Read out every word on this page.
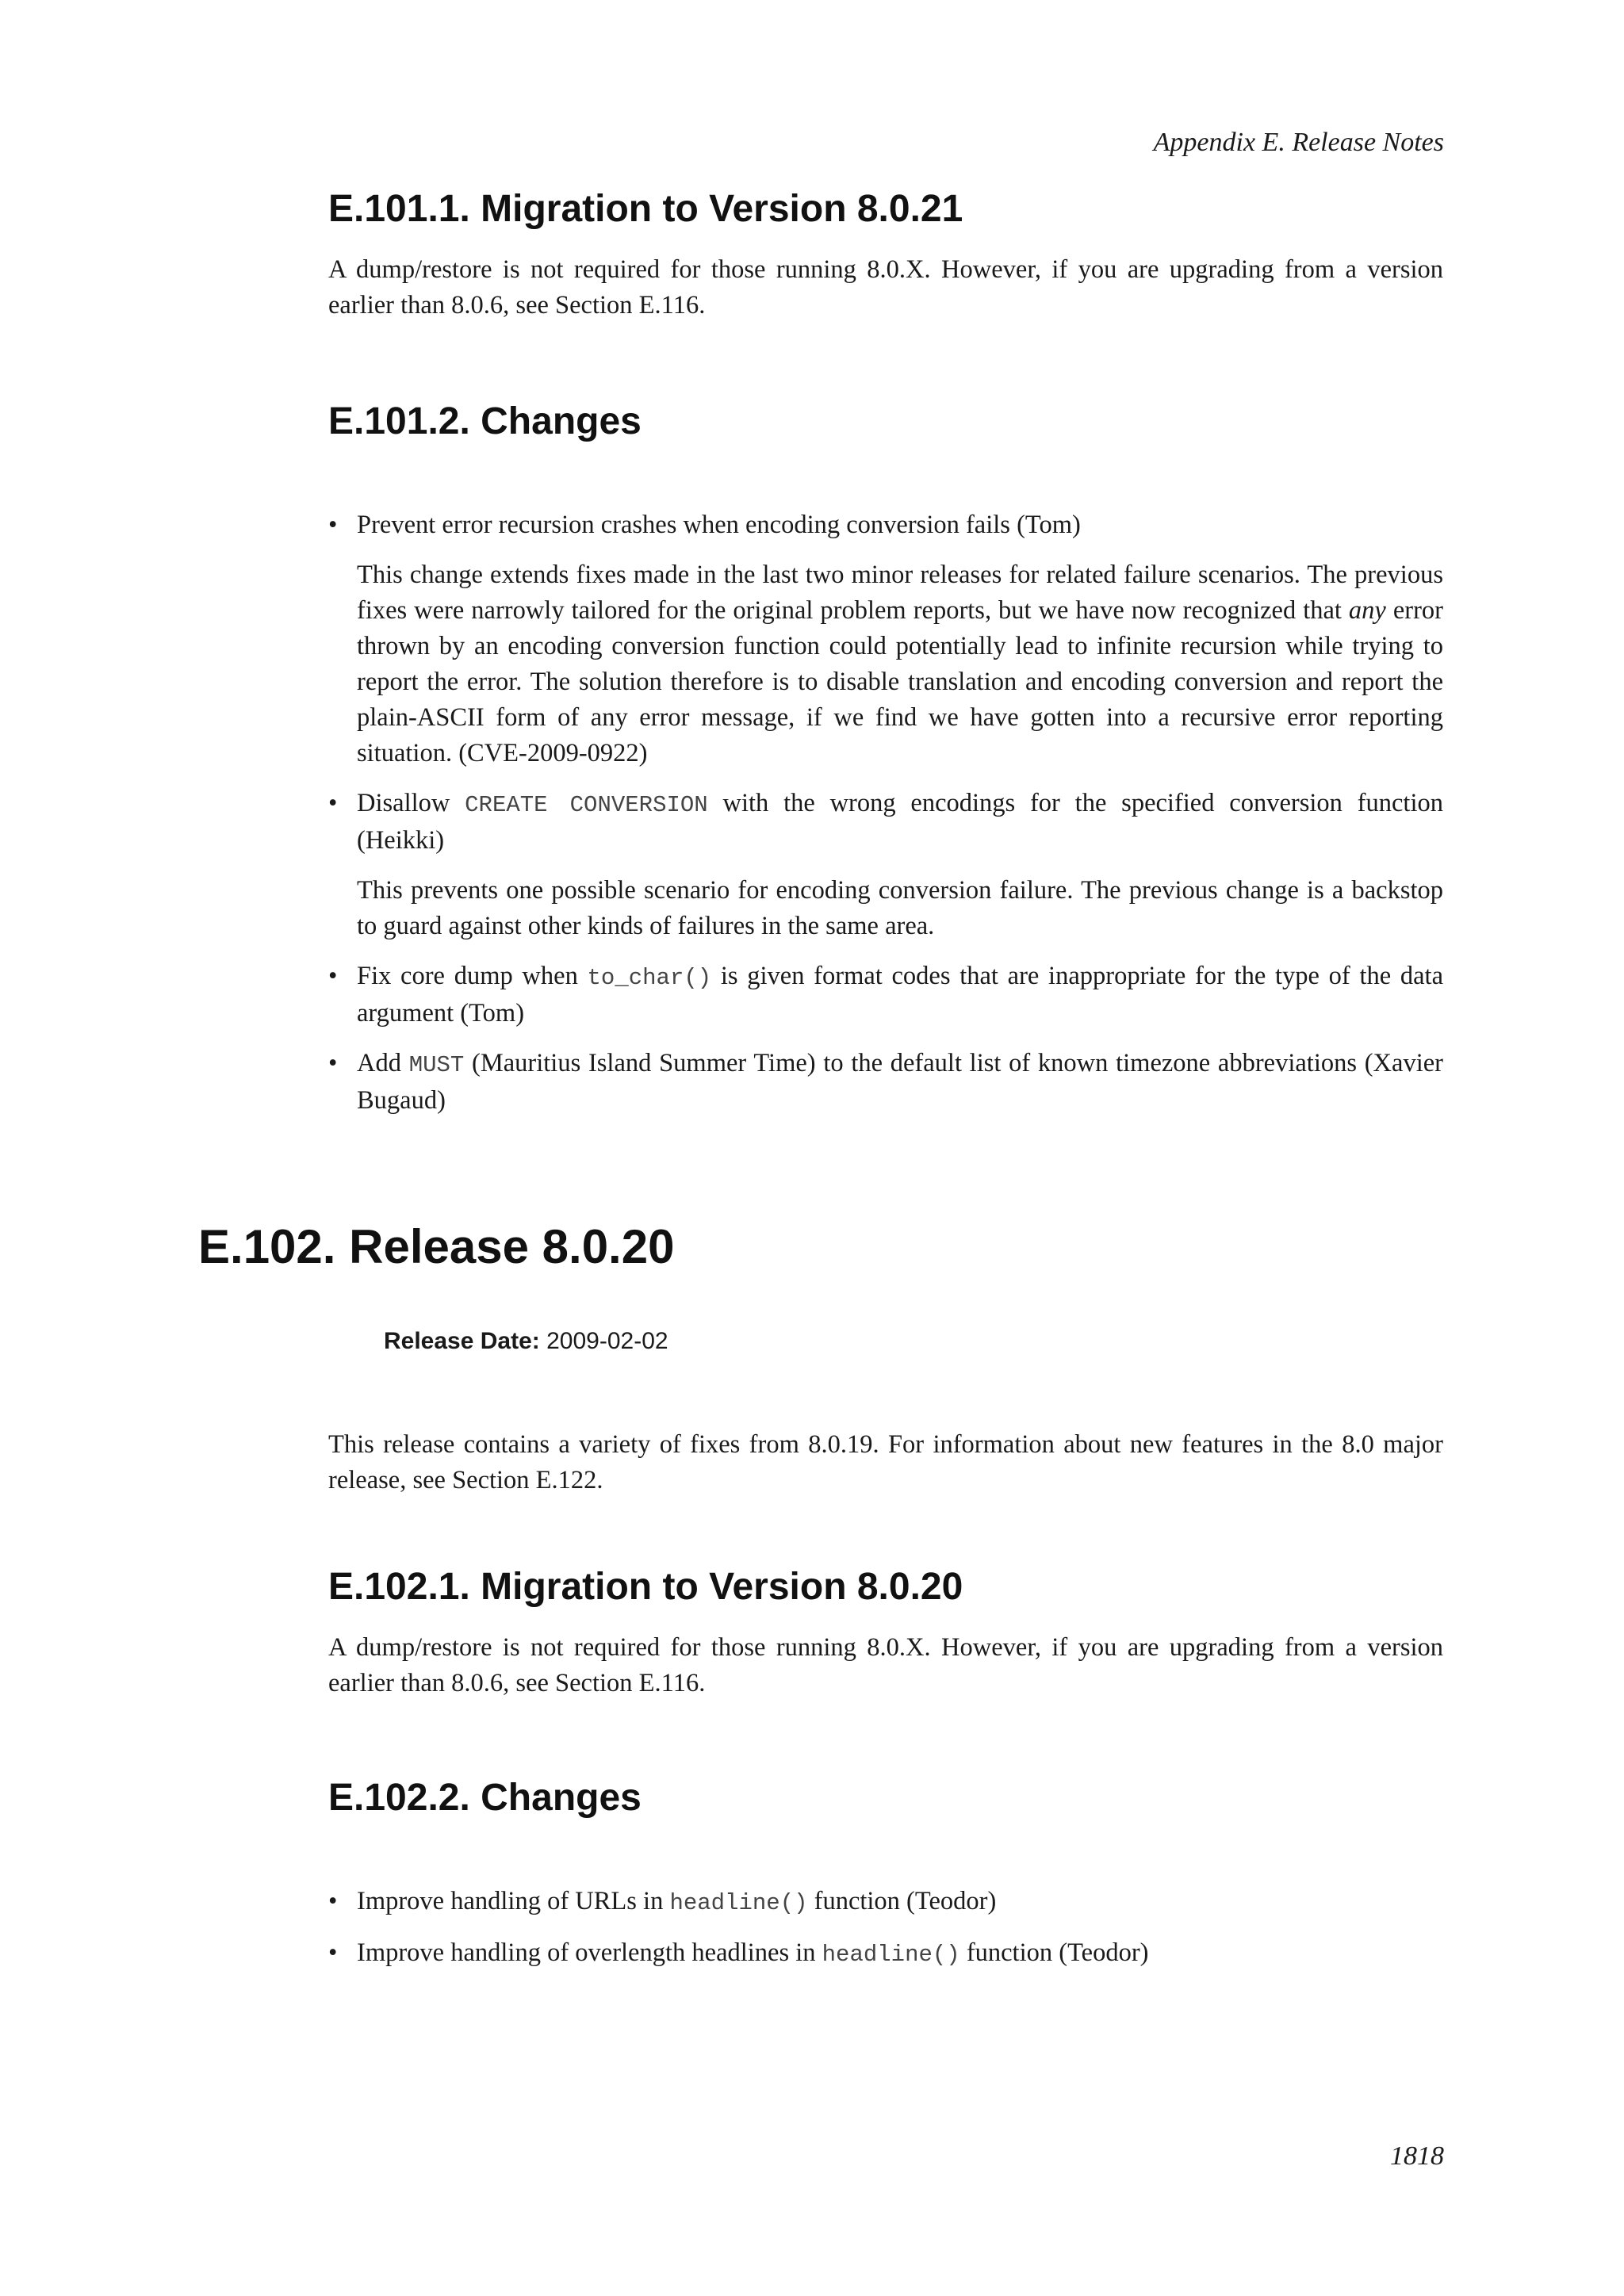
Appendix E. Release Notes

E.101.1. Migration to Version 8.0.21

A dump/restore is not required for those running 8.0.X. However, if you are upgrading from a version earlier than 8.0.6, see Section E.116.

E.101.2. Changes
• Prevent error recursion crashes when encoding conversion fails (Tom)

This change extends fixes made in the last two minor releases for related failure scenarios. The previous fixes were narrowly tailored for the original problem reports, but we have now recognized that any error thrown by an encoding conversion function could potentially lead to infinite recursion while trying to report the error. The solution therefore is to disable translation and encoding conversion and report the plain-ASCII form of any error message, if we find we have gotten into a recursive error reporting situation. (CVE-2009-0922)

• Disallow CREATE CONVERSION with the wrong encodings for the specified conversion function (Heikki)

This prevents one possible scenario for encoding conversion failure. The previous change is a backstop to guard against other kinds of failures in the same area.

• Fix core dump when to_char() is given format codes that are inappropriate for the type of the data argument (Tom)

• Add MUST (Mauritius Island Summer Time) to the default list of known timezone abbreviations (Xavier Bugaud)

E.102. Release 8.0.20

Release Date: 2009-02-02

This release contains a variety of fixes from 8.0.19. For information about new features in the 8.0 major release, see Section E.122.

E.102.1. Migration to Version 8.0.20

A dump/restore is not required for those running 8.0.X. However, if you are upgrading from a version earlier than 8.0.6, see Section E.116.

E.102.2. Changes
• Improve handling of URLs in headline() function (Teodor)

• Improve handling of overlength headlines in headline() function (Teodor)

1818
